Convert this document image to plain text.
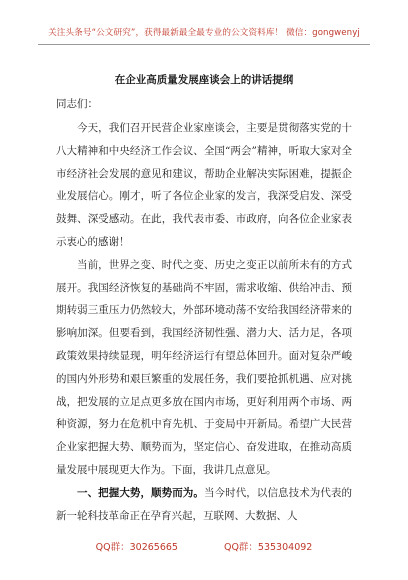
关注头条号“公文研究”，获得最新最全最专业的公文资料库！ 微信：gongwenyj
在企业高质量发展座谈会上的讲话提纲
同志们：

今天，我们召开民营企业家座谈会，主要是贯彻落实党的十八大精神和中央经济工作会议、全国“两会”精神，听取大家对全市经济社会发展的意见和建议，帮助企业解决实际困难，提振企业发展信心。刚才，听了各位企业家的发言，我深受启发、深受鼓舞、深受感动。在此，我代表市委、市政府，向各位企业家表示衷心的感谢！

当前，世界之变、时代之变、历史之变正以前所未有的方式展开。我国经济恢复的基础尚不牢固，需求收缩、供给冲击、预期转弱三重压力仍然较大，外部环境动荡不安给我国经济带来的影响加深。但要看到，我国经济韧性强、潜力大、活力足，各项政策效果持续显现，明年经济运行有望总体回升。面对复杂严峻的国内外形势和艰巨繁重的发展任务，我们要抢抓机遇、应对挑战，把发展的立足点更多放在国内市场，更好利用两个市场、两种资源，努力在危机中育先机、于变局中开新局。希望广大民营企业家把握大势、顺势而为，坚定信心、奋发进取，在推动高质量发展中展现更大作为。下面，我讲几点意见。

一、把握大势，顺势而为。当今时代，以信息技术为代表的新一轮科技革命正在孕育兴起，互联网、大数据、人

QQ群：30265665	QQ群：535304092
